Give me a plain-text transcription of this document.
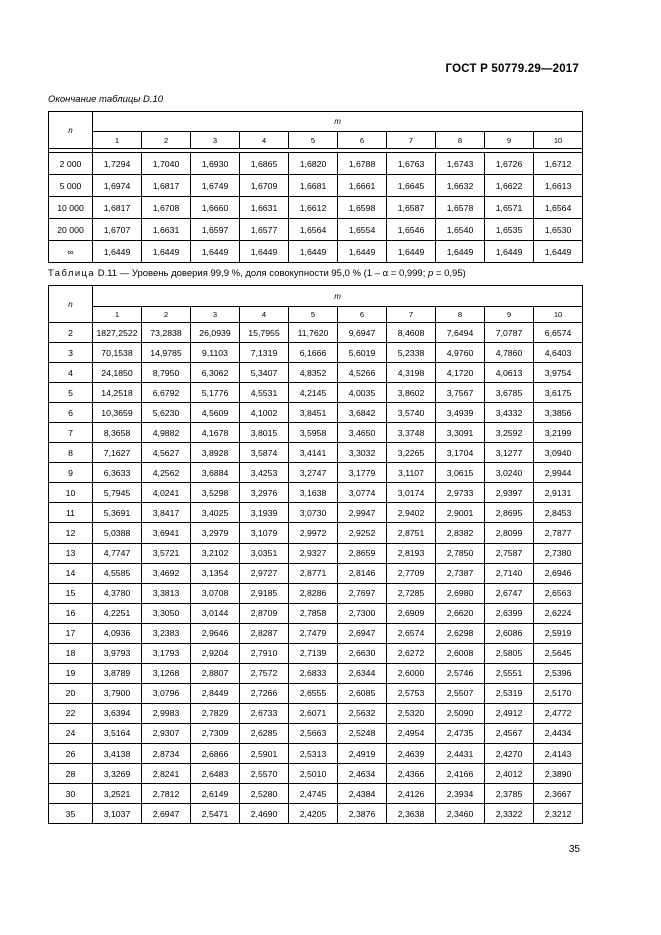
ГОСТ Р 50779.29—2017
Окончание таблицы D.10
n	m									
	1	2	3	4	5	6	7	8	9	10

2 000	1,7294	1,7040	1,6930	1,6865	1,6820	1,6788	1,6763	1,6743	1,6726	1,6712
5 000	1,6974	1,6817	1,6749	1,6709	1,6681	1,6661	1,6645	1,6632	1,6622	1,6613
10 000	1,6817	1,6708	1,6660	1,6631	1,6612	1,6598	1,6587	1,6578	1,6571	1,6564
20 000	1,6707	1,6631	1,6597	1,6577	1,6564	1,6554	1,6546	1,6540	1,6535	1,6530
∞	1,6449	1,6449	1,6449	1,6449	1,6449	1,6449	1,6449	1,6449	1,6449	1,6449
Таблица D.11 — Уровень доверия 99,9 %, доля совокупности 95,0 % (1 – α = 0,999; p = 0,95)
n	m									
	1	2	3	4	5	6	7	8	9	10
2	1827,2522	73,2838	26,0939	15,7955	11,7620	9,6947	8,4608	7,6494	7,0787	6,6574
3	70,1538	14,9785	9,1103	7,1319	6,1666	5,6019	5,2338	4,9760	4,7860	4,6403
4	24,1850	8,7950	6,3062	5,3407	4,8352	4,5266	4,3198	4,1720	4,0613	3,9754
5	14,2518	6,6792	5,1776	4,5531	4,2145	4,0035	3,8602	3,7567	3,6785	3,6175
6	10,3659	5,6230	4,5609	4,1002	3,8451	3,6842	3,5740	3,4939	3,4332	3,3856
7	8,3658	4,9882	4,1678	3,8015	3,5958	3,4650	3,3748	3,3091	3,2592	3,2199
8	7,1627	4,5627	3,8928	3,5874	3,4141	3,3032	3,2265	3,1704	3,1277	3,0940
9	6,3633	4,2562	3,6884	3,4253	3,2747	3,1779	3,1107	3,0615	3,0240	2,9944
10	5,7945	4,0241	3,5298	3,2976	3,1638	3,0774	3,0174	2,9733	2,9397	2,9131
11	5,3691	3,8417	3,4025	3,1939	3,0730	2,9947	2,9402	2,9001	2,8695	2,8453
12	5,0388	3,6941	3,2979	3,1079	2,9972	2,9252	2,8751	2,8382	2,8099	2,7877
13	4,7747	3,5721	3,2102	3,0351	2,9327	2,8659	2,8193	2,7850	2,7587	2,7380
14	4,5585	3,4692	3,1354	2,9727	2,8771	2,8146	2,7709	2,7387	2,7140	2,6946
15	4,3780	3,3813	3,0708	2,9185	2,8286	2,7697	2,7285	2,6980	2,6747	2,6563
16	4,2251	3,3050	3,0144	2,8709	2,7858	2,7300	2,6909	2,6620	2,6399	2,6224
17	4,0936	3,2383	2,9646	2,8287	2,7479	2,6947	2,6574	2,6298	2,6086	2,5919
18	3,9793	3,1793	2,9204	2,7910	2,7139	2,6630	2,6272	2,6008	2,5805	2,5645
19	3,8789	3,1268	2,8807	2,7572	2,6833	2,6344	2,6000	2,5746	2,5551	2,5396
20	3,7900	3,0796	2,8449	2,7266	2,6555	2,6085	2,5753	2,5507	2,5319	2,5170
22	3,6394	2,9983	2,7829	2,6733	2,6071	2,5632	2,5320	2,5090	2,4912	2,4772
24	3,5164	2,9307	2,7309	2,6285	2,5663	2,5248	2,4954	2,4735	2,4567	2,4434
26	3,4138	2,8734	2,6866	2,5901	2,5313	2,4919	2,4639	2,4431	2,4270	2,4143
28	3,3269	2,8241	2,6483	2,5570	2,5010	2,4634	2,4366	2,4166	2,4012	2,3890
30	3,2521	2,7812	2,6149	2,5280	2,4745	2,4384	2,4126	2,3934	2,3785	2,3667
35	3,1037	2,6947	2,5471	2,4690	2,4205	2,3876	2,3638	2,3460	2,3322	2,3212
35
